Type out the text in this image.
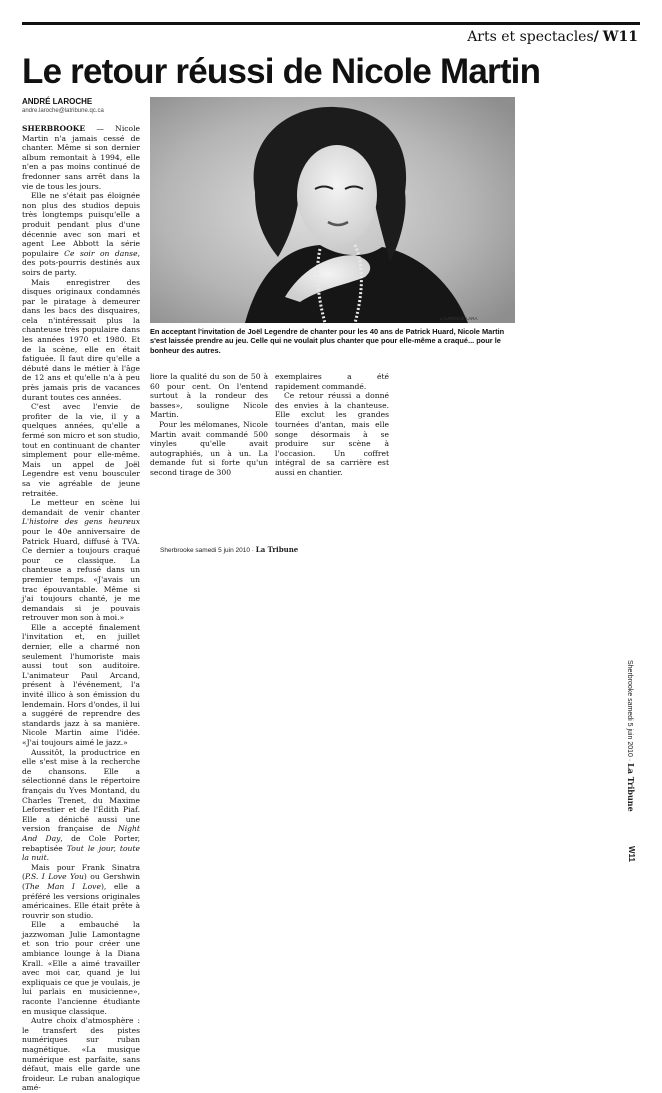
Arts et spectacles/ W11
Le retour réussi de Nicole Martin
ANDRÉ LAROCHE
andre.laroche@latribune.qc.ca

SHERBROOKE — Nicole Martin n'a jamais cessé de chanter. Même si son dernier album remontait à 1994, elle n'en a pas moins continué de fredonner sans arrêt dans la vie de tous les jours.

Elle ne s'était pas éloignée non plus des studios depuis très longtemps puisqu'elle a produit pendant plus d'une décennie avec son mari et agent Lee Abbott la série populaire Ce soir on danse, des pots-pourris destinés aux soirs de party.

Mais enregistrer des disques originaux condamnés par le piratage à demeurer dans les bacs des disquaires, cela n'intéressait plus la chanteuse très populaire dans les années 1970 et 1980. Et de la scène, elle en était fatiguée. Il faut dire qu'elle a débuté dans le métier à l'âge de 12 ans et qu'elle n'a à peu près jamais pris de vacances durant toutes ces années.

C'est avec l'envie de profiter de la vie, il y a quelques années, qu'elle a fermé son micro et son studio, tout en continuant de chanter simplement pour elle-même. Mais un appel de Joël Legendre est venu bousculer sa vie agréable de jeune retraitée.

Le metteur en scène lui demandait de venir chanter L'histoire des gens heureux pour le 40e anniversaire de Patrick Huard, diffusé à TVA. Ce dernier a toujours craqué pour ce classique. La chanteuse a refusé dans un premier temps. «J'avais un trac épouvantable. Même si j'ai toujours chanté, je me demandais si je pouvais retrouver mon son à moi.»

Elle a accepté finalement l'invitation et, en juillet dernier, elle a charmé non seulement l'humoriste mais aussi tout son auditoire. L'animateur Paul Arcand, présent à l'événement, l'a invité illico à son émission du lendemain. Hors d'ondes, il lui a suggéré de reprendre des standards jazz à sa manière. Nicole Martin aime l'idée. «J'ai toujours aimé le jazz.»

Aussitôt, la productrice en elle s'est mise à la recherche de chansons. Elle a sélectionné dans le répertoire français du Yves Montand, du Charles Trenet, du Maxime Leforestier et de l'Édith Piaf. Elle a déniché aussi une version française de Night And Day, de Cole Porter, rebaptisée Tout le jour, toute la nuit.

Mais pour Frank Sinatra (P.S. I Love You) ou Gershwin (The Man I Love), elle a préféré les versions originales américaines. Elle était prête à rouvrir son studio.

Elle a embauché la jazzwoman Julie Lamontagne et son trio pour créer une ambiance lounge à la Diana Krall. «Elle a aimé travailler avec moi car, quand je lui expliquais ce que je voulais, je lui parlais en musicienne», raconte l'ancienne étudiante en musique classique.

Autre choix d'atmosphère : le transfert des pistes numériques sur ruban magnétique. «La musique numérique est parfaite, sans défaut, mais elle garde une froideur. Le ruban analogique amé-

LAURENCE LARA
En acceptant l'invitation de Joël Legendre de chanter pour les 40 ans de Patrick Huard, Nicole Martin s'est laissée prendre au jeu. Celle qui ne voulait plus chanter que pour elle-même a craqué... pour le bonheur des autres.

liore la qualité du son de 50 à 60 pour cent. On l'entend surtout à la rondeur des basses», souligne Nicole Martin.

Pour les mélomanes, Nicole Martin avait commandé 500 vinyles qu'elle avait autographiés, un à un. La demande fut si forte qu'un second tirage de 300

exemplaires a été rapidement commandé.

Ce retour réussi a donné des envies à la chanteuse. Elle exclut les grandes tournées d'antan, mais elle songe désormais à se produire sur scène à l'occasion. Un coffret intégral de sa carrière est aussi en chantier.

Sherbrooke samedi 5 juin 2010 · La Tribune
Sherbrooke samedi 5 juin 2010 · La Tribune
W11
